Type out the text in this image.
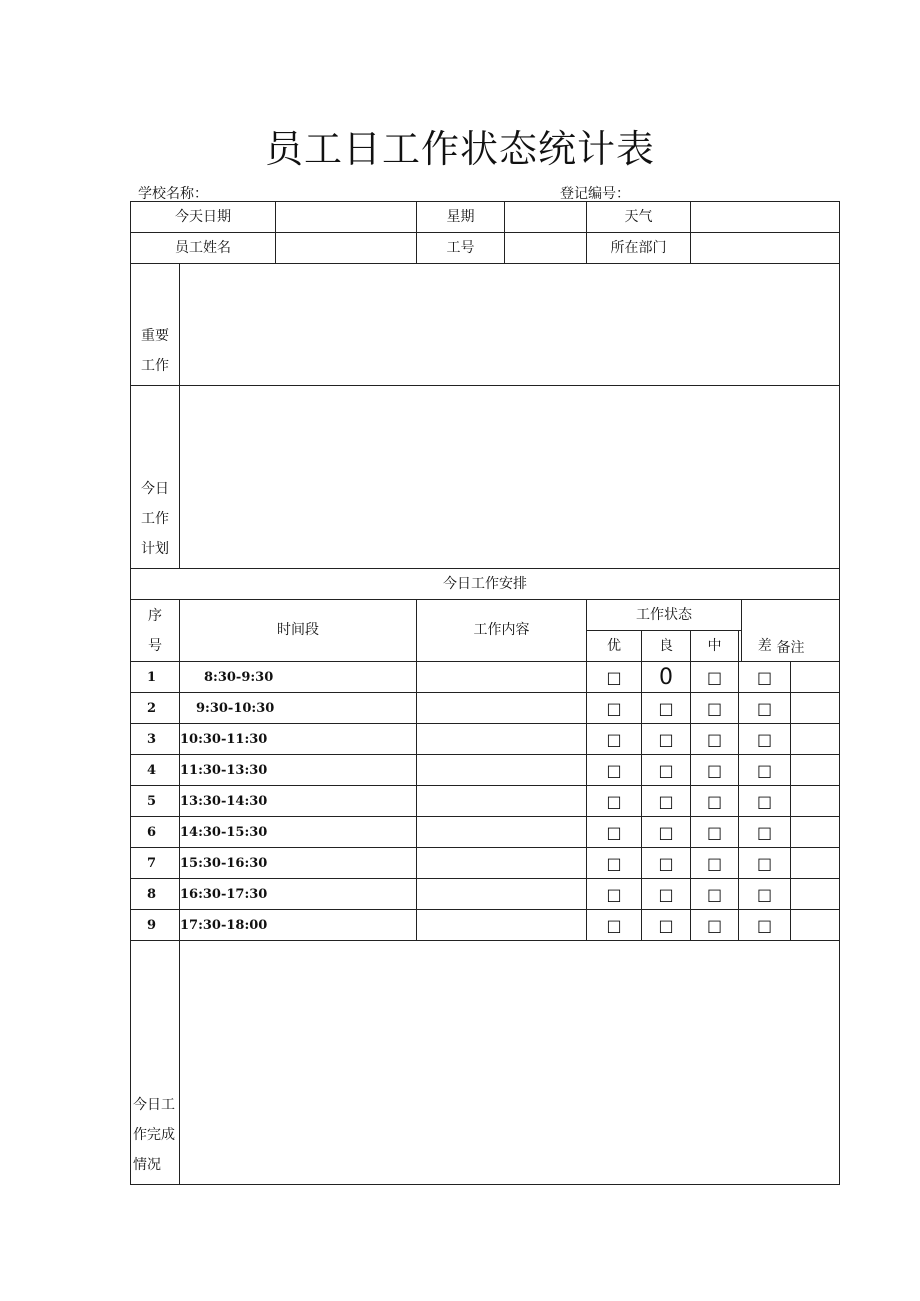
员工日工作状态统计表
学校名称：	登记编号：
今天日期			星期		天气					
员工姓名			工号		所在部门					

重要
工作										

今日
工作
计划										

今日工作安排										

序
号	时间段		工作内容		工作状态				备注	
					优	良	中	差		
1	8:30-9:30				□	0	□	□		
2	9:30-10:30				□	□	□	□		
3	10:30-11:30				□	□	□	□		
4	11:30-13:30				□	□	□	□		
5	13:30-14:30				□	□	□	□		
6	14:30-15:30				□	□	□	□		
7	15:30-16:30				□	□	□	□		
8	16:30-17:30				□	□	□	□		
9	17:30-18:00				□	□	□	□		

今日工
作完成
情况										
